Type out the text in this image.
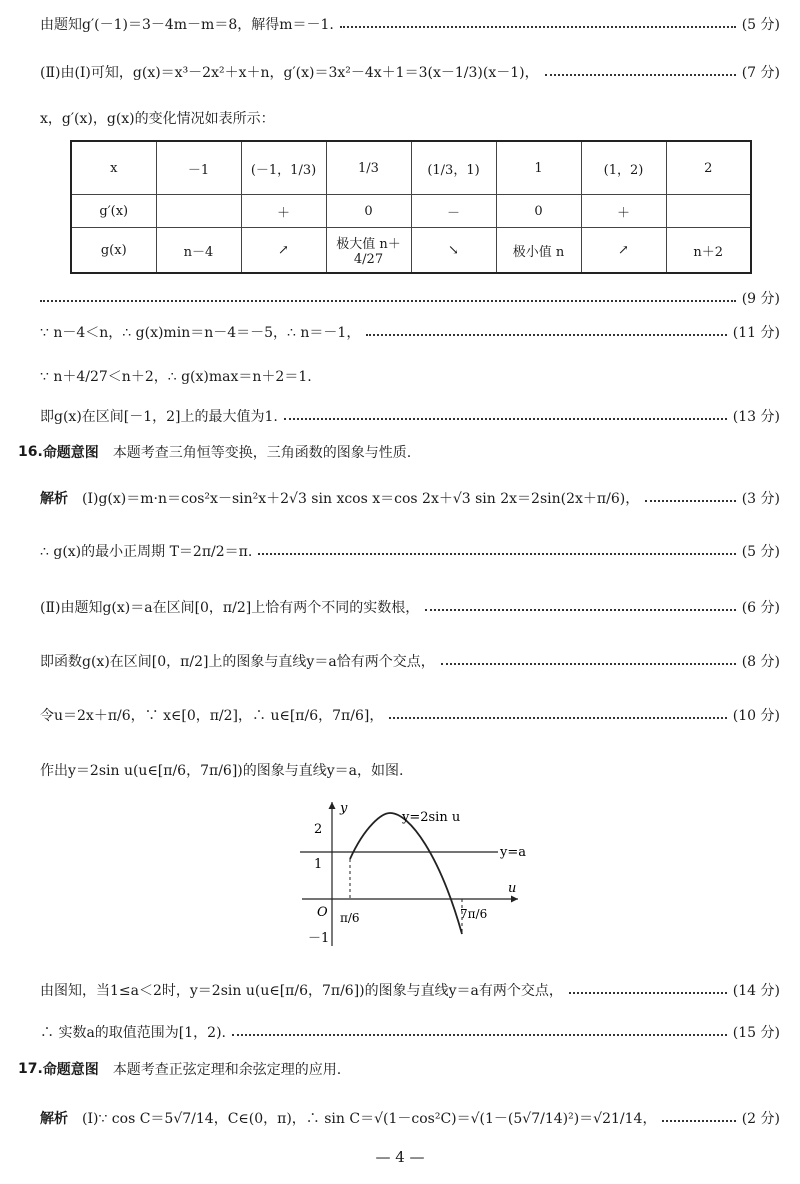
由题知g′(－1)＝3－4m－m＝8，解得m＝－1.	(5 分)
(Ⅱ)由(Ⅰ)可知，g(x)＝x³－2x²＋x＋n，g′(x)＝3x²－4x＋1＝3(x－1/3)(x－1)，	(7 分)
x，g′(x)，g(x)的变化情况如表所示：
x	－1	(－1，1/3)	1/3	(1/3，1)	1	(1，2)	2
g′(x)		＋	0	－	0	＋	
g(x)	n－4	↗	极大值 n＋4/27	↘	极小值 n	↗	n＋2
(9 分)
∵ n－4＜n，∴ g(x)min＝n－4＝－5，∴ n＝－1，	(11 分)
∵ n＋4/27＜n＋2，∴ g(x)max＝n＋2＝1.
即g(x)在区间[－1，2]上的最大值为1.	(13 分)
16. 命题意图 本题考查三角恒等变换，三角函数的图象与性质.
解析 (Ⅰ)g(x)＝m·n＝cos²x－sin²x＋2√3 sin xcos x＝cos 2x＋√3 sin 2x＝2sin(2x＋π/6)，	(3 分)
∴ g(x)的最小正周期 T＝2π/2＝π.	(5 分)
(Ⅱ)由题知g(x)＝a在区间[0，π/2]上恰有两个不同的实数根，	(6 分)
即函数g(x)在区间[0，π/2]上的图象与直线y＝a恰有两个交点，	(8 分)
令u＝2x＋π/6，∵ x∈[0，π/2]，∴ u∈[π/6，7π/6]，	(10 分)
作出y＝2sin u(u∈[π/6，7π/6])的图象与直线y＝a，如图.
y
u
y=2sin u
y=a
O
2
1
－1
π/6	7π/6
由图知，当1≤a＜2时，y＝2sin u(u∈[π/6，7π/6])的图象与直线y＝a有两个交点，	(14 分)
∴ 实数a的取值范围为[1，2).	(15 分)
17. 命题意图 本题考查正弦定理和余弦定理的应用.
解析 (Ⅰ)∵ cos C＝5√7/14，C∈(0，π)，∴ sin C＝√(1－cos²C)＝√(1－(5√7/14)²)＝√21/14，	(2 分)
— 4 —
